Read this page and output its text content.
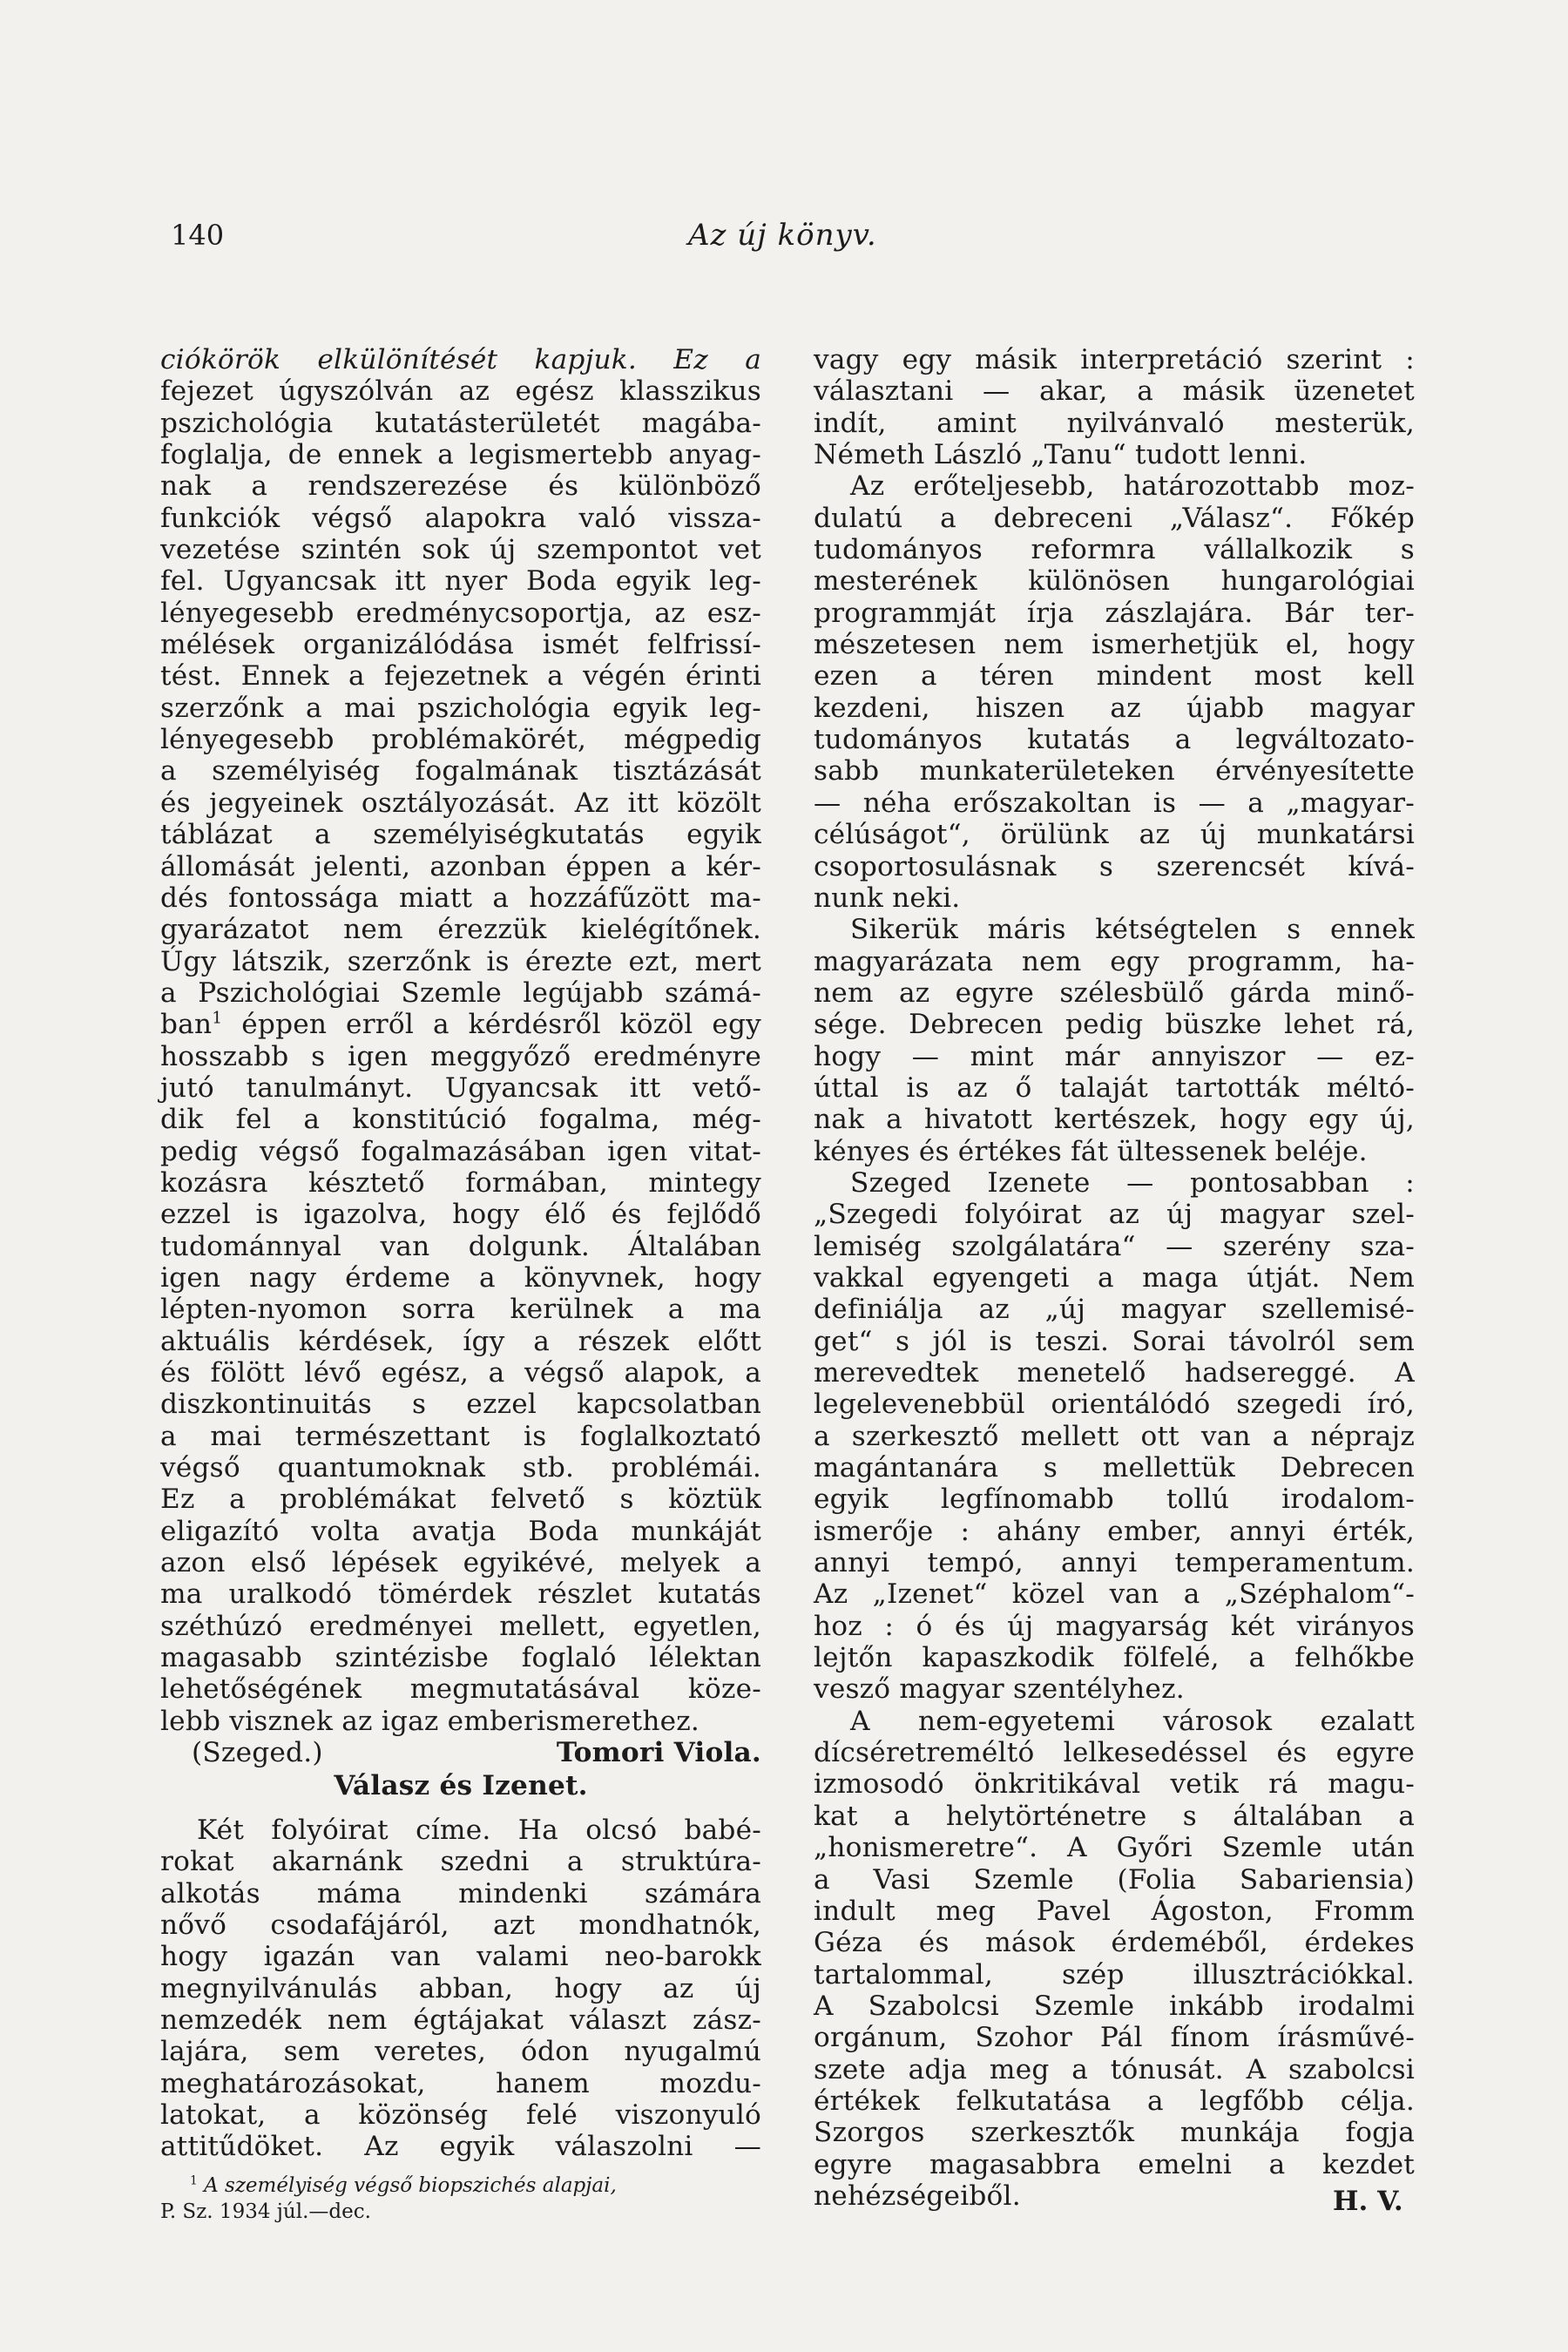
140	Az új könyv.
ciókörök elkülönítését kapjuk. Ez a
fejezet úgyszólván az egész klasszikus
pszichológia kutatásterületét magába-
foglalja, de ennek a legismertebb anyag-
nak a rendszerezése és különböző
funkciók végső alapokra való vissza-
vezetése szintén sok új szempontot vet
fel. Ugyancsak itt nyer Boda egyik leg-
lényegesebb eredménycsoportja, az esz-
mélések organizálódása ismét felfrissí-
tést. Ennek a fejezetnek a végén érinti
szerzőnk a mai pszichológia egyik leg-
lényegesebb problémakörét, mégpedig
a személyiség fogalmának tisztázását
és jegyeinek osztályozását. Az itt közölt
táblázat a személyiségkutatás egyik
állomását jelenti, azonban éppen a kér-
dés fontossága miatt a hozzáfűzött ma-
gyarázatot nem érezzük kielégítőnek.
Úgy látszik, szerzőnk is érezte ezt, mert
a Pszichológiai Szemle legújabb számá-
ban$^1$ éppen erről a kérdésről közöl egy
hosszabb s igen meggyőző eredményre
jutó tanulmányt. Ugyancsak itt vető-
dik fel a konstitúció fogalma, még-
pedig végső fogalmazásában igen vitat-
kozásra késztető formában, mintegy
ezzel is igazolva, hogy élő és fejlődő
tudománnyal van dolgunk. Általában
igen nagy érdeme a könyvnek, hogy
lépten-nyomon sorra kerülnek a ma
aktuális kérdések, így a részek előtt
és fölött lévő egész, a végső alapok, a
diszkontinuitás s ezzel kapcsolatban
a mai természettant is foglalkoztató
végső quantumoknak stb. problémái.
Ez a problémákat felvető s köztük
eligazító volta avatja Boda munkáját
azon első lépések egyikévé, melyek a
ma uralkodó tömérdek részlet kutatás
széthúzó eredményei mellett, egyetlen,
magasabb szintézisbe foglaló lélektan
lehetőségének megmutatásával köze-
lebb visznek az igaz emberismerethez.
(Szeged.)	Tomori Viola.
Válasz és Izenet.
Két folyóirat címe. Ha olcsó babé-
rokat akarnánk szedni a struktúra-
alkotás mámа mindenki számára
nővő csodafájáról, azt mondhatnók,
hogy igazán van valami neo-barokk
megnyilvánulás abban, hogy az új
nemzedék nem égtájakat választ zász-
lajára, sem veretes, ódon nyugalmú
meghatározásokat, hanem mozdu-
latokat, a közönség felé viszonyuló
attitűdöket. Az egyik válaszolni —
$^1$ A személyiség végső biopszichés alapjai,
P. Sz. 1934 júl.—dec.
vagy egy másik interpretáció szerint :
választani — akar, a másik üzenetet
indít, amint nyilvánvaló mesterük,
Németh László „Tanu“ tudott lenni.
Az erőteljesebb, határozottabb moz-
dulatú a debreceni „Válasz“. Főkép
tudományos reformra vállalkozik s
mesterének különösen hungarológiai
programmját írja zászlajára. Bár ter-
mészetesen nem ismerhetjük el, hogy
ezen a téren mindent most kell
kezdeni, hiszen az újabb magyar
tudományos kutatás a legváltozato-
sabb munkaterületeken érvényesítette
— néha erőszakoltan is — a „magyar-
célúságot“, örülünk az új munkatársi
csoportosulásnak s szerencsét kívá-
nunk neki.
Sikerük máris kétségtelen s ennek
magyarázata nem egy programm, ha-
nem az egyre szélesbülő gárda minő-
sége. Debrecen pedig büszke lehet rá,
hogy — mint már annyiszor — ez-
úttal is az ő talaját tartották méltó-
nak a hivatott kertészek, hogy egy új,
kényes és értékes fát ültessenek beléje.
Szeged Izenete — pontosabban :
„Szegedi folyóirat az új magyar szel-
lemiség szolgálatára“ — szerény sza-
vakkal egyengeti a maga útját. Nem
definiálja az „új magyar szellemisé-
get“ s jól is teszi. Sorai távolról sem
merevedtek menetelő hadsereggé. A
legelevenebbül orientálódó szegedi író,
a szerkesztő mellett ott van a néprajz
magántanára s mellettük Debrecen
egyik legfínomabb tollú irodalom-
ismerője : ahány ember, annyi érték,
annyi tempó, annyi temperamentum.
Az „Izenet“ közel van a „Széphalom“-
hoz : ó és új magyarság két virányos
lejtőn kapaszkodik fölfelé, a felhőkbe
vesző magyar szentélyhez.
A nem-egyetemi városok ezalatt
dícséretreméltó lelkesedéssel és egyre
izmosodó önkritikával vetik rá magu-
kat a helytörténetre s általában a
„honismeretre“. A Győri Szemle után
a Vasi Szemle (Folia Sabariensia)
indult meg Pavel Ágoston, Fromm
Géza és mások érdeméből, érdekes
tartalommal, szép illusztrációkkal.
A Szabolcsi Szemle inkább irodalmi
orgánum, Szohor Pál fínom írásművé-
szete adja meg a tónusát. A szabolcsi
értékek felkutatása a legfőbb célja.
Szorgos szerkesztők munkája fogja
egyre magasabbra emelni a kezdet
nehézségeiből.	H. V.
